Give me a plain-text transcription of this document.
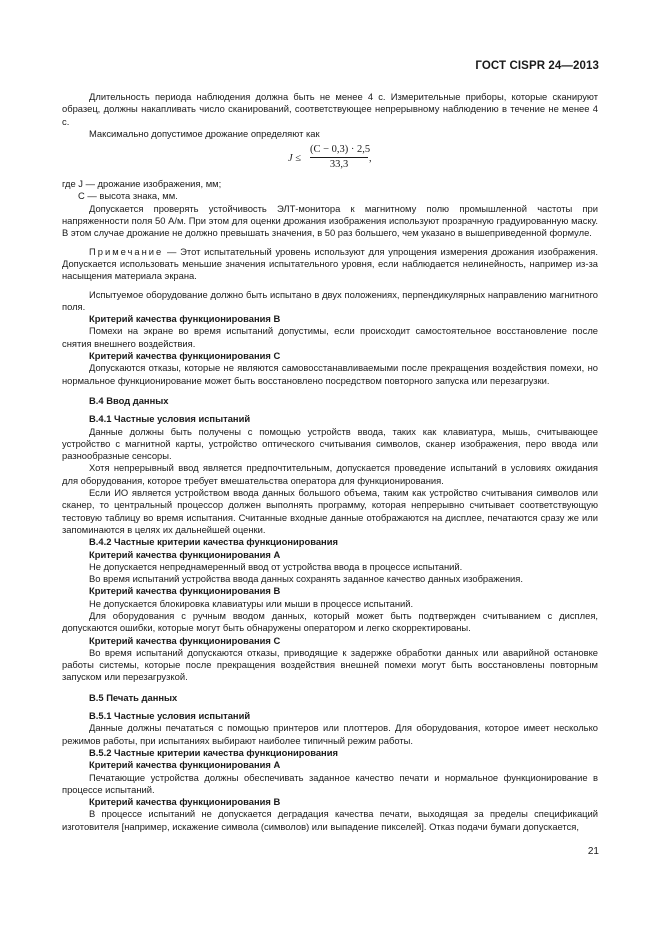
ГОСТ CISPR 24—2013

Длительность периода наблюдения должна быть не менее 4 с. Измерительные приборы, которые сканируют образец, должны накапливать число сканирований, соответствующее непрерывному наблюдению в течение не менее 4 с.

Максимально допустимое дрожание определяют как

$J \le \frac{(C - 0,3) \cdot 2,5}{33,3}$ ,

где J — дрожание изображения, мм;

C — высота знака, мм.

Допускается проверять устойчивость ЭЛТ-монитора к магнитному полю промышленной частоты при напряженности поля 50 А/м. При этом для оценки дрожания изображения используют прозрачную градуированную маску. В этом случае дрожание не должно превышать значения, в 50 раз большего, чем указано в вышеприведенной формуле.

Примечание — Этот испытательный уровень используют для упрощения измерения дрожания изображения. Допускается использовать меньшие значения испытательного уровня, если наблюдается нелинейность, например из-за насыщения материала экрана.

Испытуемое оборудование должно быть испытано в двух положениях, перпендикулярных направлению магнитного поля.

Критерий качества функционирования B

Помехи на экране во время испытаний допустимы, если происходит самостоятельное восстановление после снятия внешнего воздействия.

Критерий качества функционирования C

Допускаются отказы, которые не являются самовосстанавливаемыми после прекращения воздействия помехи, но нормальное функционирование может быть восстановлено посредством повторного запуска или перезагрузки.

B.4 Ввод данных

B.4.1 Частные условия испытаний

Данные должны быть получены с помощью устройств ввода, таких как клавиатура, мышь, считывающее устройство с магнитной карты, устройство оптического считывания символов, сканер изображения, перо ввода или разнообразные сенсоры.

Хотя непрерывный ввод является предпочтительным, допускается проведение испытаний в условиях ожидания для оборудования, которое требует вмешательства оператора для функционирования.

Если ИО является устройством ввода данных большого объема, таким как устройство считывания символов или сканер, то центральный процессор должен выполнять программу, которая непрерывно считывает соответствующую тестовую таблицу во время испытания. Считанные входные данные отображаются на дисплее, печатаются сразу же или запоминаются в целях их дальнейшей оценки.

B.4.2 Частные критерии качества функционирования

Критерий качества функционирования A

Не допускается непреднамеренный ввод от устройства ввода в процессе испытаний.

Во время испытаний устройства ввода данных сохранять заданное качество данных изображения.

Критерий качества функционирования B

Не допускается блокировка клавиатуры или мыши в процессе испытаний.

Для оборудования с ручным вводом данных, который может быть подтвержден считыванием с дисплея, допускаются ошибки, которые могут быть обнаружены оператором и легко скорректированы.

Критерий качества функционирования C

Во время испытаний допускаются отказы, приводящие к задержке обработки данных или аварийной остановке работы системы, которые после прекращения воздействия внешней помехи могут быть восстановлены повторным запуском или перезагрузкой.

B.5 Печать данных

B.5.1 Частные условия испытаний

Данные должны печататься с помощью принтеров или плоттеров. Для оборудования, которое имеет несколько режимов работы, при испытаниях выбирают наиболее типичный режим работы.

B.5.2 Частные критерии качества функционирования

Критерий качества функционирования A

Печатающие устройства должны обеспечивать заданное качество печати и нормальное функционирование в процессе испытаний.

Критерий качества функционирования B

В процессе испытаний не допускается деградация качества печати, выходящая за пределы спецификаций изготовителя [например, искажение символа (символов) или выпадение пикселей]. Отказ подачи бумаги допускается,

21
